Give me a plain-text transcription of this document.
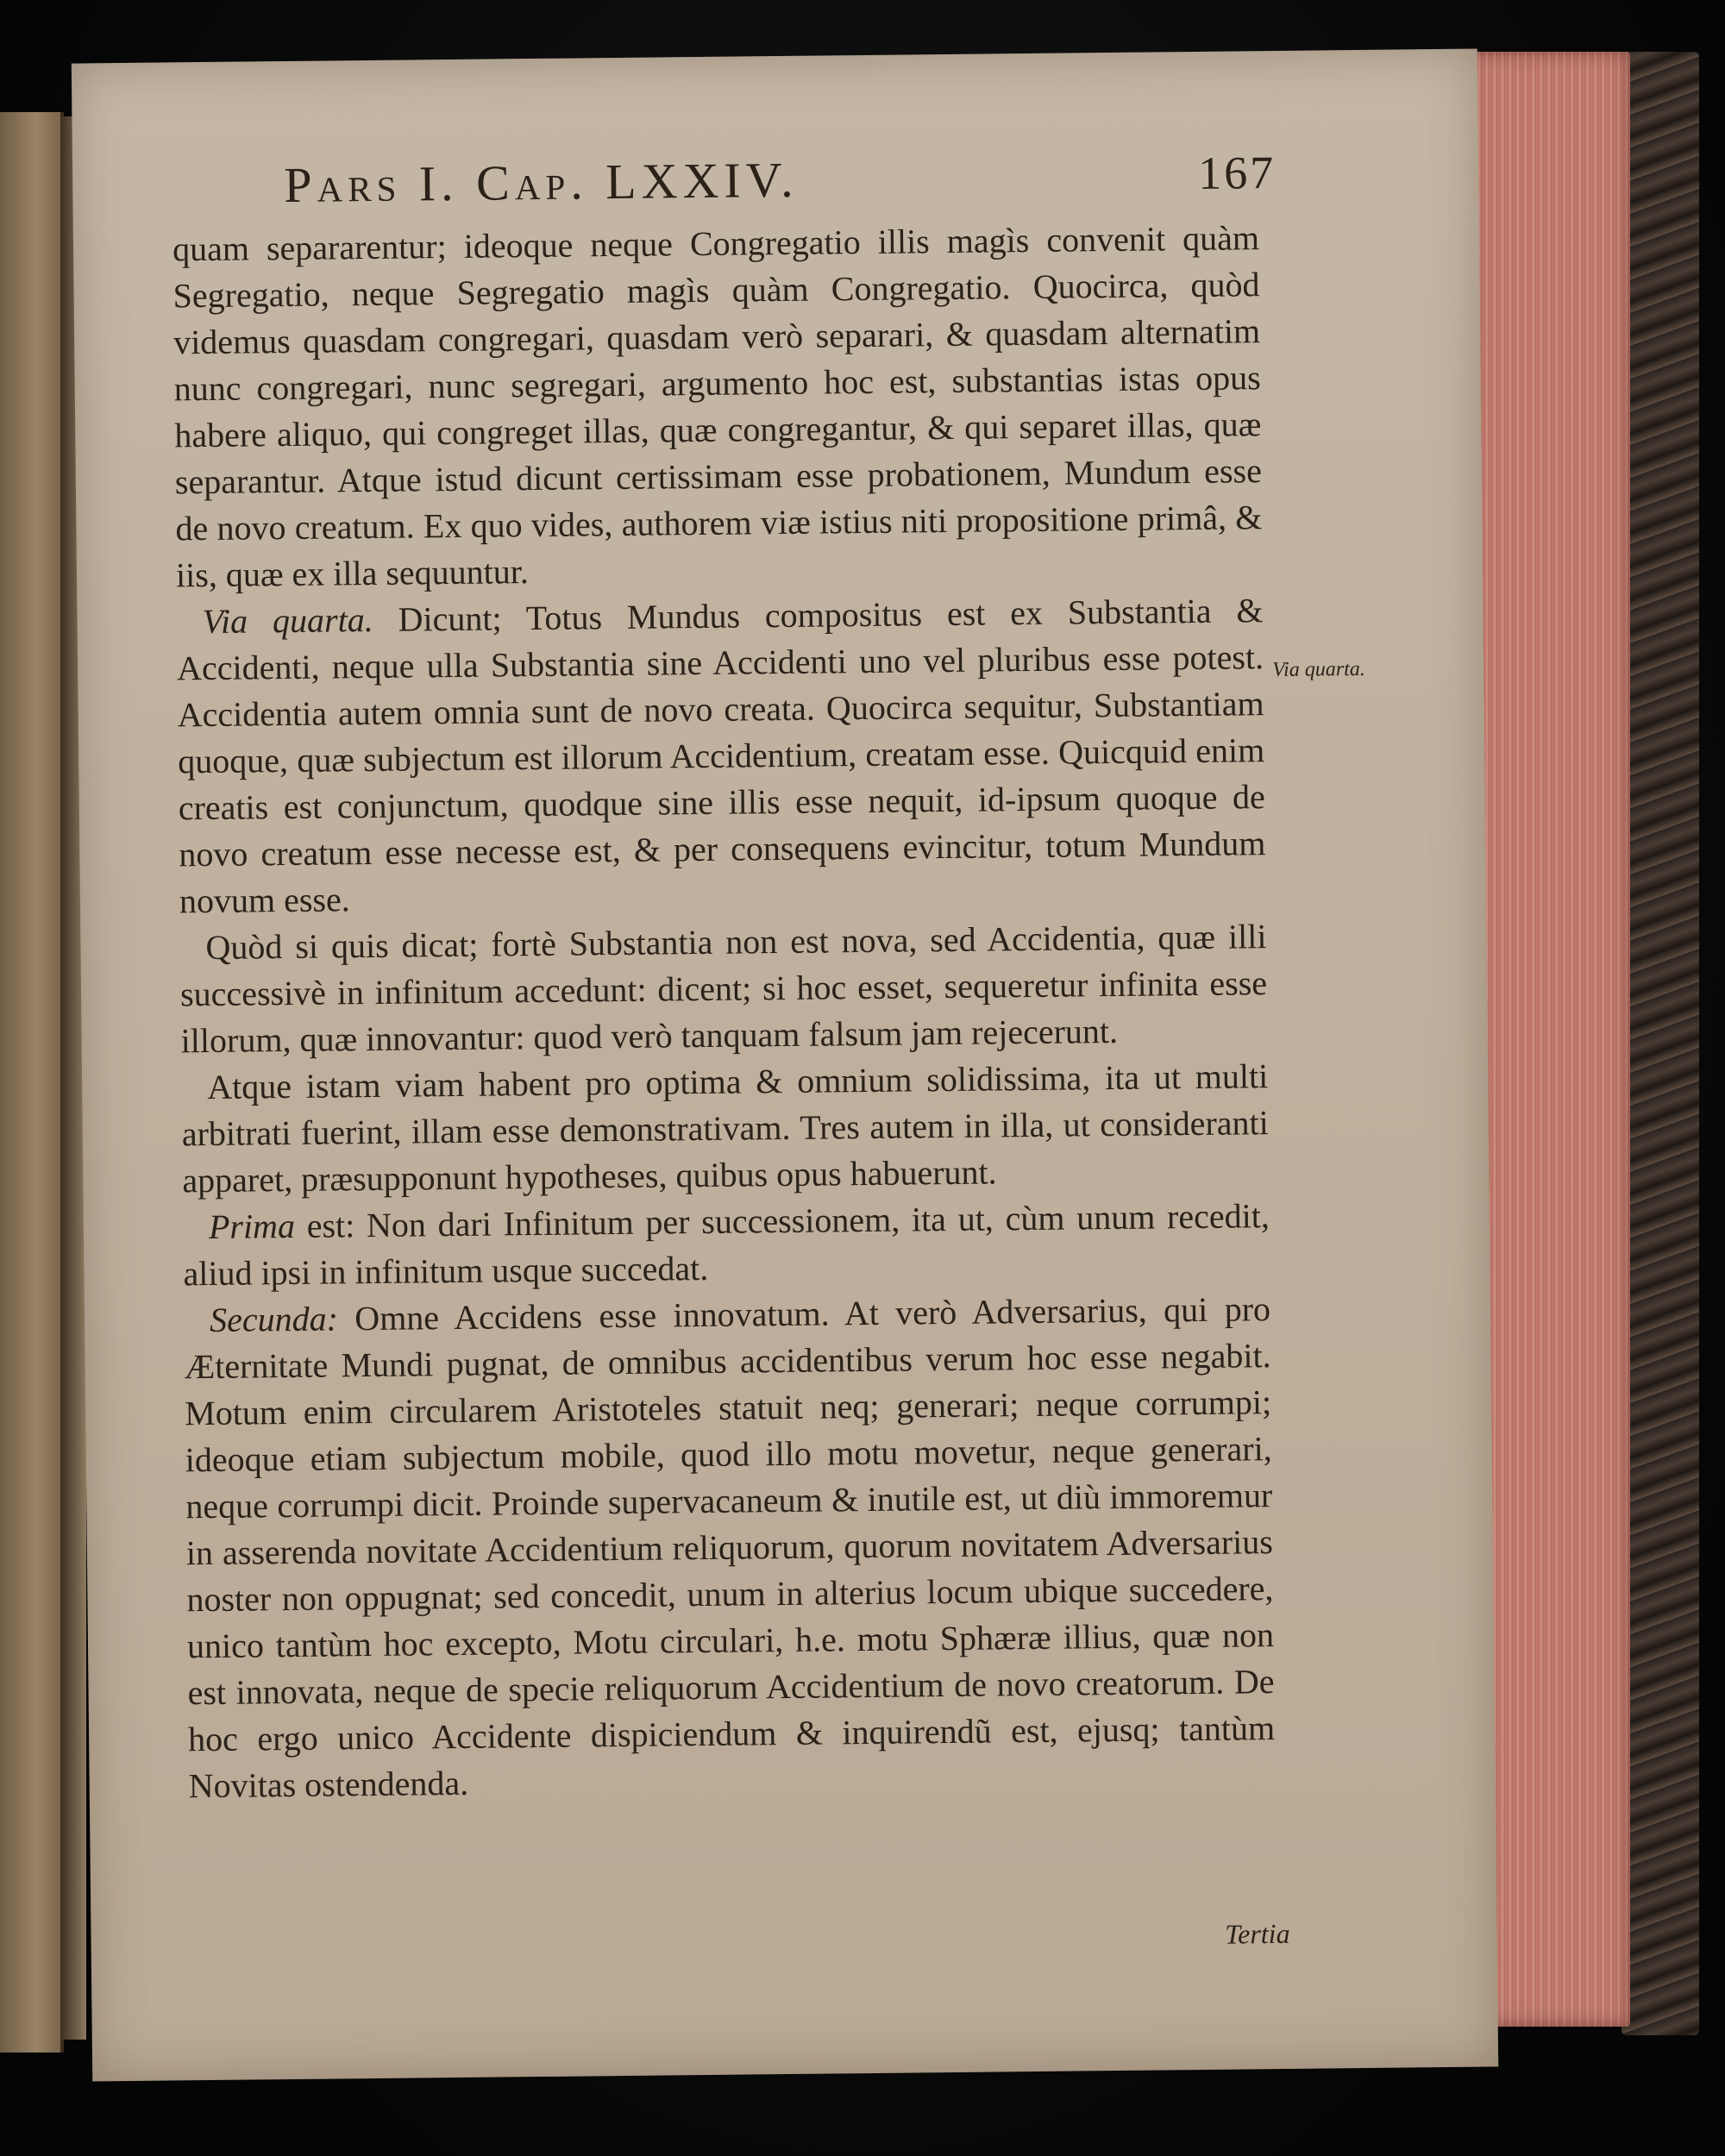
Pars I. Cap. LXXIV.	167

quam separarentur; ideoque neque Congregatio illis magìs convenit quàm Segregatio, neque Segregatio magìs quàm Congregatio. Quocirca, quòd videmus quasdam congregari, quasdam verò separari, & quasdam alternatim nunc congregari, nunc segregari, argumento hoc est, substantias istas opus habere aliquo, qui congreget illas, quæ congregantur, & qui separet illas, quæ separantur. Atque istud dicunt certissimam esse probationem, Mundum esse de novo creatum. Ex quo vides, authorem viæ istius niti propositione primâ, & iis, quæ ex illa sequuntur.

Via quarta. Dicunt; Totus Mundus compositus est ex Substantia & Accidenti, neque ulla Substantia sine Accidenti uno vel pluribus esse potest. Accidentia autem omnia sunt de novo creata. Quocirca sequitur, Substantiam quoque, quæ subjectum est illorum Accidentium, creatam esse. Quicquid enim creatis est conjunctum, quodque sine illis esse nequit, id-ipsum quoque de novo creatum esse necesse est, & per consequens evincitur, totum Mundum novum esse.

Quòd si quis dicat; fortè Substantia non est nova, sed Accidentia, quæ illi successivè in infinitum accedunt: dicent; si hoc esset, sequeretur infinita esse illorum, quæ innovantur: quod verò tanquam falsum jam rejecerunt.

Atque istam viam habent pro optima & omnium solidissima, ita ut multi arbitrati fuerint, illam esse demonstrativam. Tres autem in illa, ut consideranti apparet, præsupponunt hypotheses, quibus opus habuerunt.

Prima est: Non dari Infinitum per successionem, ita ut, cùm unum recedit, aliud ipsi in infinitum usque succedat.

Secunda: Omne Accidens esse innovatum. At verò Adversarius, qui pro Æternitate Mundi pugnat, de omnibus accidentibus verum hoc esse negabit. Motum enim circularem Aristoteles statuit neq; generari; neque corrumpi; ideoque etiam subjectum mobile, quod illo motu movetur, neque generari, neque corrumpi dicit. Proinde supervacaneum & inutile est, ut diù immoremur in asserenda novitate Accidentium reliquorum, quorum novitatem Adversarius noster non oppugnat; sed concedit, unum in alterius locum ubique succedere, unico tantùm hoc excepto, Motu circulari, h.e. motu Sphæræ illius, quæ non est innovata, neque de specie reliquorum Accidentium de novo creatorum. De hoc ergo unico Accidente dispiciendum & inquirendũ est, ejusq; tantùm Novitas ostendenda.

Via quarta.
Tertia
